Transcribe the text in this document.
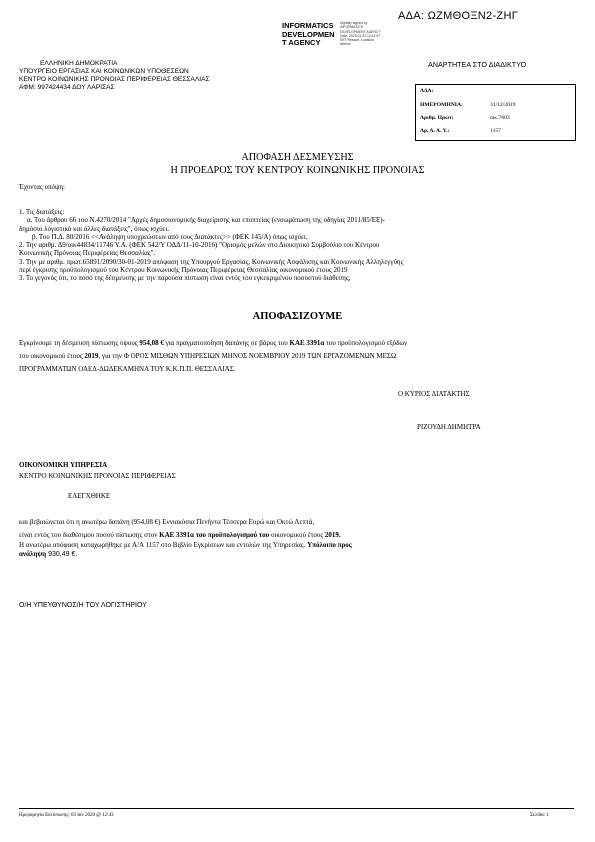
ΑΔΑ: ΩΖΜΘΟΞΝ2-ΖΗΓ
INFORMATICS
DEVELOPMEN
T AGENCY
Digitally signed by INFORMATICS DEVELOPMENT AGENCY Date: 2020.01.03 12:43:57 EET Reason: Location: Athens
ΕΛΛΗΝΙΚΗ ΔΗΜΟΚΡΑΤΙΑ
ΥΠΟΥΡΓΕΙΟ ΕΡΓΑΣΙΑΣ ΚΑΙ ΚΟΙΝΩΝΙΚΩΝ ΥΠΟΘΕΣΕΩΝ
ΚΕΝΤΡΟ ΚΟΙΝΩΝΙΚΗΣ ΠΡΟΝΟΙΑΣ ΠΕΡΙΦΕΡΕΙΑΣ ΘΕΣΣΑΛΙΑΣ
ΑΦΜ: 997424434 ΔΟΥ ΛΑΡΙΣΑΣ
ΑΝΑΡΤΗΤΕΑ ΣΤΟ ΔΙΑΔΙΚΤΥΟ
ΑΔΑ:
ΗΜΕΡΟΜΗΝΙΑ:	31/12/2019
Αριθμ. Πρωτ:	οικ.7603
Αρ. Α. Α. Υ.:	1157
ΑΠΟΦΑΣΗ ΔΕΣΜΕΥΣΗΣ
Η ΠΡΟΕΔΡΟΣ ΤΟΥ ΚΕΝΤΡΟΥ ΚΟΙΝΩΝΙΚΗΣ ΠΡΟΝΟΙΑΣ
Έχοντας υπόψη:
1. Τις διατάξεις:
α. Του άρθρου 66 του Ν.4270/2014 "Αρχές δημοσιονομικής διαχείρισης και εποπτείας (ενσωμάτωση της οδηγίας 2011/85/ΕΕ)-
δημόσιο λογιστικό και άλλες διατάξεις", όπως ισχύει.
β. Του Π.Δ. 80/2016 <<Ανάληψη υποχρεώσεων από τους Διατάκτες>> (ΦΕΚ 145/Α) όπως ισχύει.
2. Την αριθμ. Δ9/οικ44834/11746 Υ.Α. (ΦΕΚ 542/Υ ΟΔΔ/11-10-2016) "Ορισμός μελών στο Διοικητικό Συμβούλιο του Κέντρου
Κοινωνικής Πρόνοιας Περιφέρειας Θεσσαλίας".
3. Την με αριθμ. πρωτ.65891/2090/30-01-2019 απόφαση της Υπουργού Εργασίας, Κοινωνικής Ασφάλισης και Κοινωνικής Αλληλεγγύης
περί έγκρισης προϋπολογισμού του Κέντρου Κοινωνικής Πρόνοιας Περιφέρειας Θεσσαλίας οικονομικού έτους 2019
3. Το γεγονός ότι, το ποσό της δέσμευσης με την παρούσα πίστωση είναι εντός του εγκεκριμένου ποσοστού διάθεσης,
ΑΠΟΦΑΣΙΖΟΥΜΕ
Εγκρίνουμε τη δέσμευση πίστωσης ύψους 954,08 € για πραγματοποίηση δαπάνης σε βάρος του ΚΑΕ 3391α του προϋπολογισμού εξόδων
του οικονομικού έτους 2019, για την Φ ΟΡΟΣ ΜΙΣΘΩΝ ΥΠΗΡΕΣΙΩΝ ΜΗΝΟΣ ΝΟΕΜΒΡΙΟΥ 2019 ΤΩΝ ΕΡΓΑΖΟΜΕΝΩΝ ΜΕΣΩ
ΠΡΟΓΡΑΜΜΑΤΩΝ ΟΑΕΔ-ΔΩΔΕΚΑΜΗΝΑ ΤΟΥ Κ.Κ.Π.Π. ΘΕΣΣΑΛΙΑΣ.
Ο ΚΥΡΙΟΣ ΔΙΑΤΑΚΤΗΣ
ΡΙΖΟΥΔΗ ΔΗΜΗΤΡΑ
ΟΙΚΟΝΟΜΙΚΗ ΥΠΗΡΕΣΙΑ
ΚΕΝΤΡΟ ΚΟΙΝΩΝΙΚΗΣ ΠΡΟΝΟΙΑΣ ΠΕΡΙΦΕΡΕΙΑΣ
ΕΛΕΓΧΘΗΚΕ
και βεβαιώνεται ότι η ανωτέρω δαπάνη (954,08 €) Εννιακόσια Πενήντα Τέσσερα Ευρώ και Οκτώ Λεπτά,
είναι εντός του διαθέσιμου ποσού πίστωσης στον ΚΑΕ 3391α του προϋπολογισμού του οικονομικού έτους 2019.
Η ανωτέρω απόφαση καταχωρήθηκε με Α/Α 1157 στο Βιβλίο Εγκρίσεων και εντολών της Υπηρεσίας. Υπόλοιπο προς
ανάληψη 930,49 €.
Ο/Η ΥΠΕΥΘΥΝΟΣ/Η ΤΟΥ ΛΟΓΙΣΤΗΡΙΟΥ
Ημερομηνία Εκτύπωσης: 03 Ιαν 2020 @ 12:43	Σελίδα: 1
